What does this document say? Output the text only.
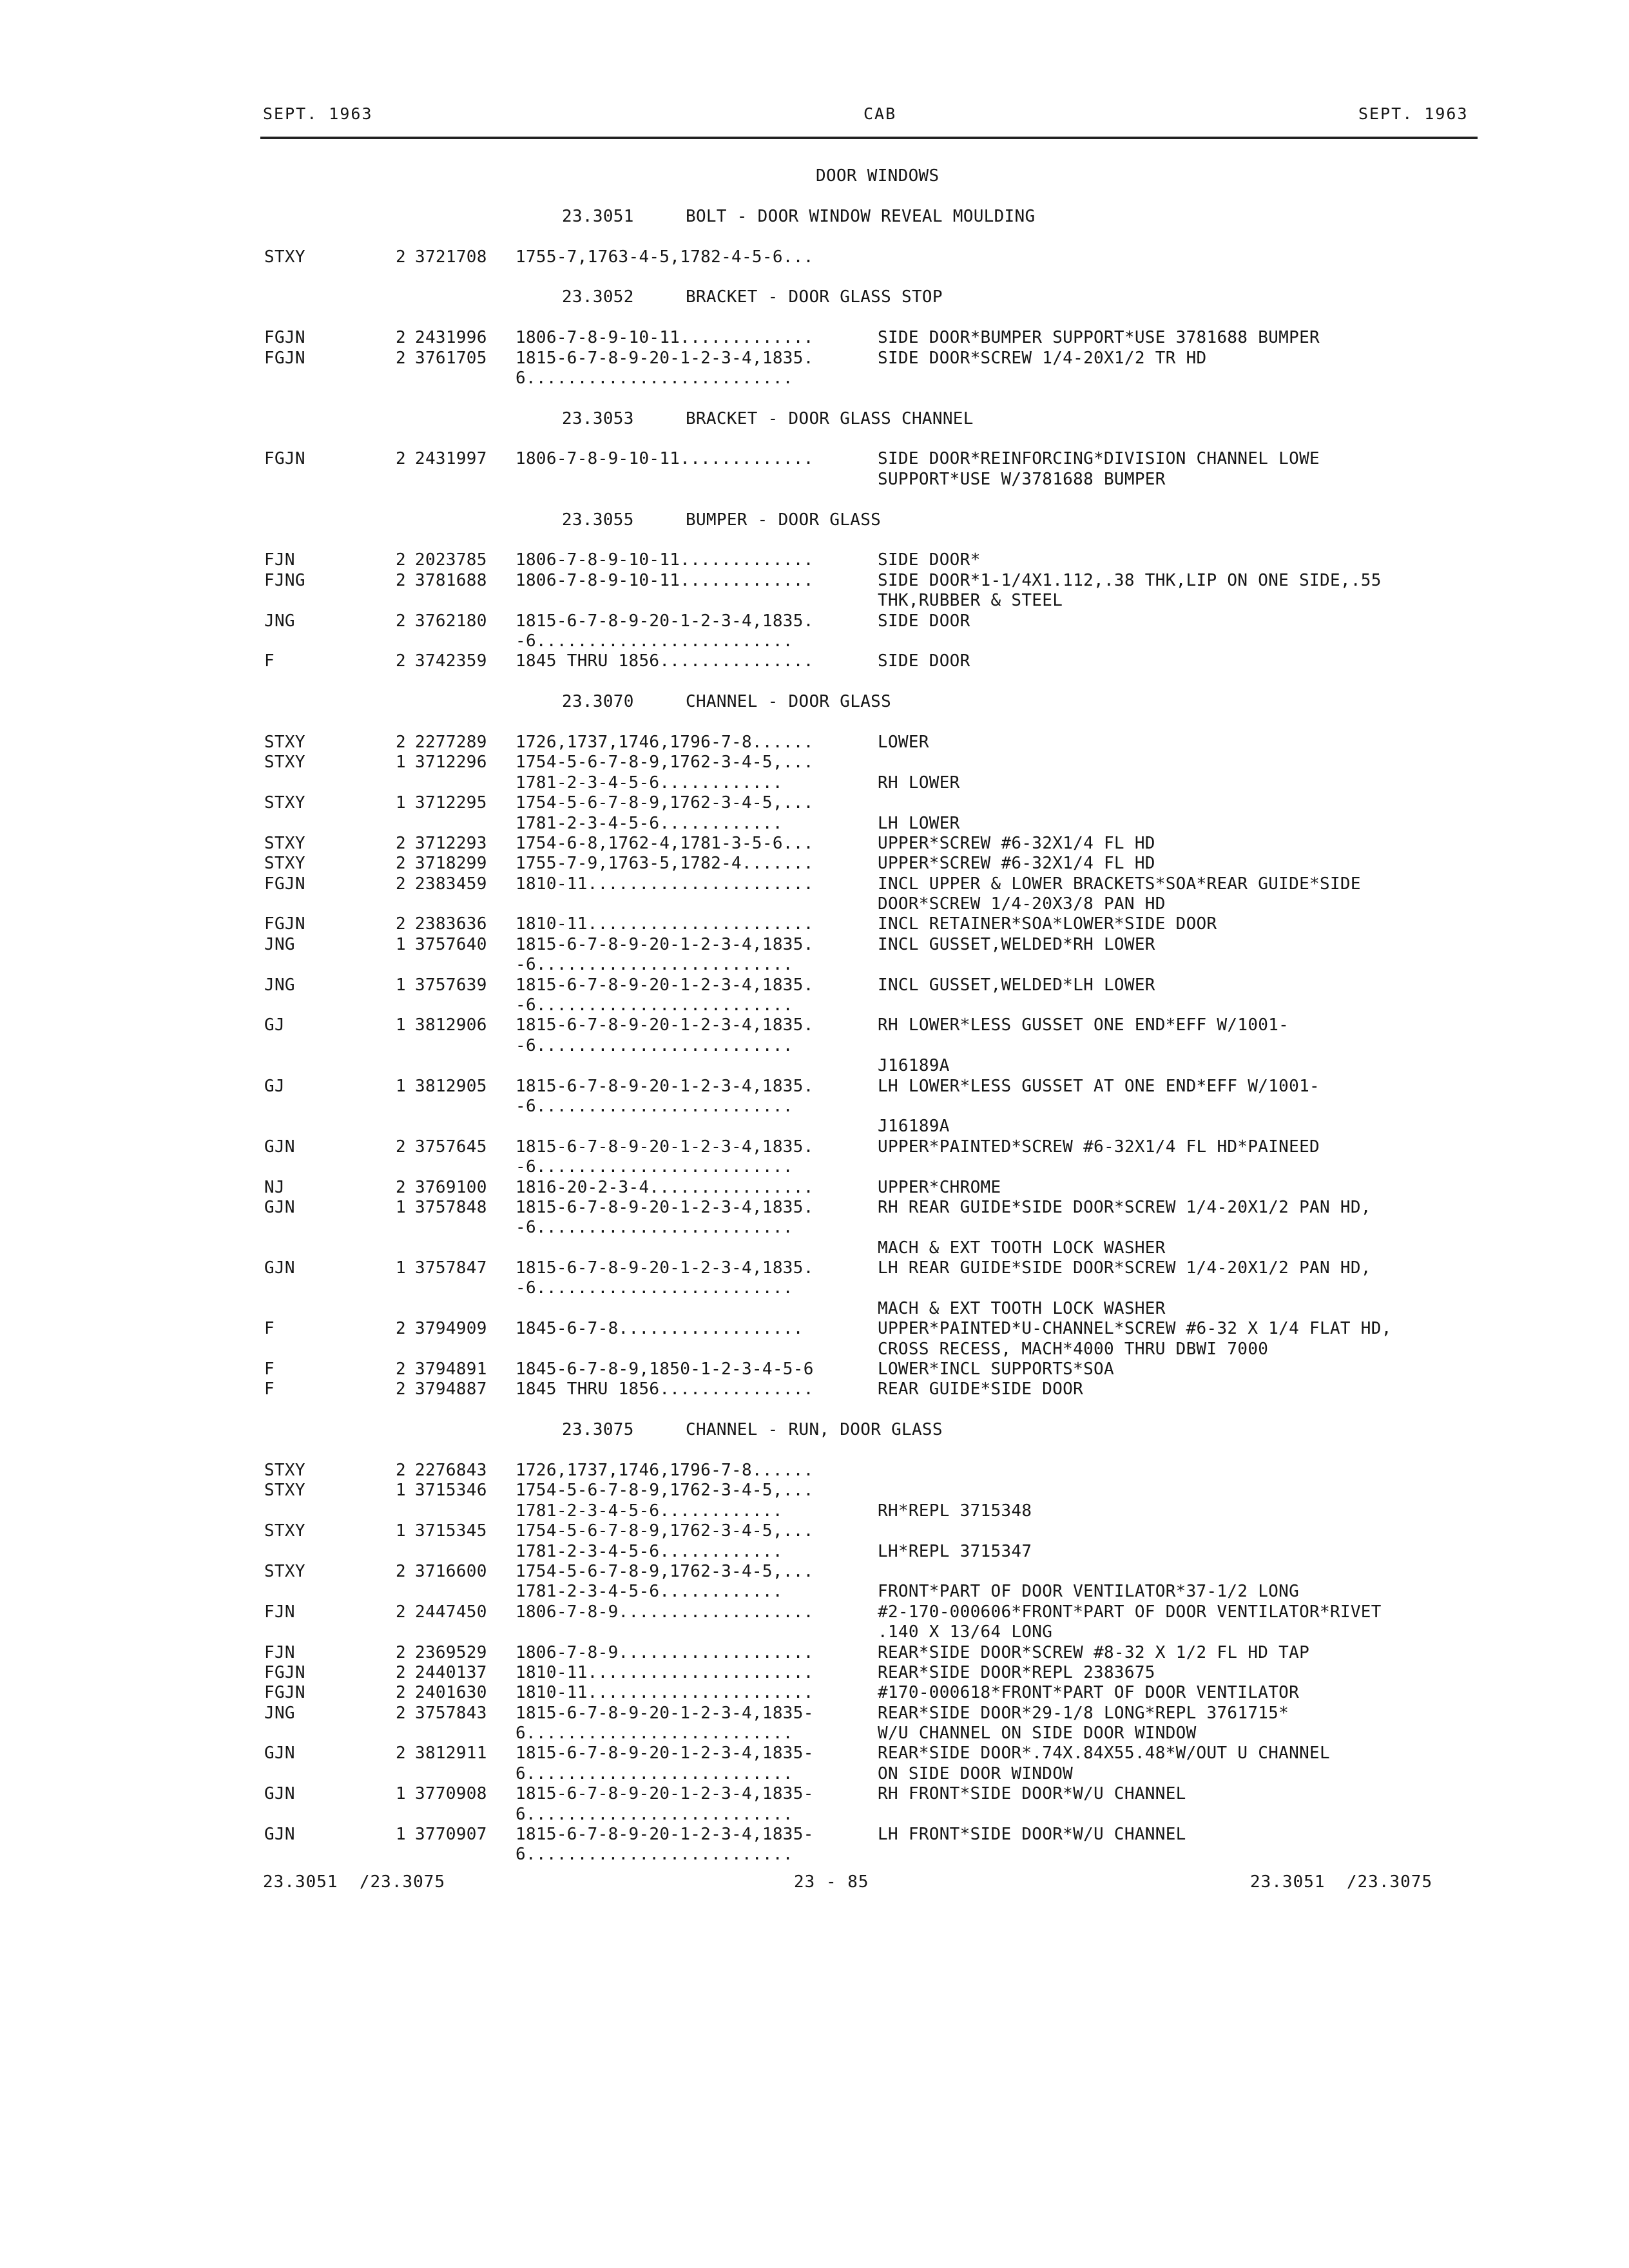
SEPT. 1963	CAB	SEPT. 1963
DOOR WINDOWS
23.3051	BOLT - DOOR WINDOW REVEAL MOULDING
STXY	2 3721708 1755-7,1763-4-5,1782-4-5-6...
23.3052	BRACKET - DOOR GLASS STOP
FGJN	2 2431996 1806-7-8-9-10-11.............	SIDE DOOR*BUMPER SUPPORT*USE 3781688 BUMPER
FGJN	2 3761705 1815-6-7-8-9-20-1-2-3-4,1835.	SIDE DOOR*SCREW 1/4-20X1/2 TR HD
6..........................
23.3053	BRACKET - DOOR GLASS CHANNEL
FGJN	2 2431997 1806-7-8-9-10-11.............	SIDE DOOR*REINFORCING*DIVISION CHANNEL LOWE
SUPPORT*USE W/3781688 BUMPER
23.3055	BUMPER - DOOR GLASS
FJN	2 2023785 1806-7-8-9-10-11.............	SIDE DOOR*
FJNG	2 3781688 1806-7-8-9-10-11.............	SIDE DOOR*1-1/4X1.112,.38 THK,LIP ON ONE SIDE,.55
THK,RUBBER & STEEL
JNG	2 3762180 1815-6-7-8-9-20-1-2-3-4,1835.	SIDE DOOR
-6.........................
F	2 3742359 1845 THRU 1856...............	SIDE DOOR
23.3070	CHANNEL - DOOR GLASS
STXY	2 2277289 1726,1737,1746,1796-7-8......	LOWER
STXY	1 3712296 1754-5-6-7-8-9,1762-3-4-5,...
1781-2-3-4-5-6............	RH LOWER
STXY	1 3712295 1754-5-6-7-8-9,1762-3-4-5,...
1781-2-3-4-5-6............	LH LOWER
STXY	2 3712293 1754-6-8,1762-4,1781-3-5-6...	UPPER*SCREW #6-32X1/4 FL HD
STXY	2 3718299 1755-7-9,1763-5,1782-4.......	UPPER*SCREW #6-32X1/4 FL HD
FGJN	2 2383459 1810-11......................	INCL UPPER & LOWER BRACKETS*SOA*REAR GUIDE*SIDE
DOOR*SCREW 1/4-20X3/8 PAN HD
FGJN	2 2383636 1810-11......................	INCL RETAINER*SOA*LOWER*SIDE DOOR
JNG	1 3757640 1815-6-7-8-9-20-1-2-3-4,1835.	INCL GUSSET,WELDED*RH LOWER
-6.........................
JNG	1 3757639 1815-6-7-8-9-20-1-2-3-4,1835.	INCL GUSSET,WELDED*LH LOWER
-6.........................
GJ	1 3812906 1815-6-7-8-9-20-1-2-3-4,1835.	RH LOWER*LESS GUSSET ONE END*EFF W/1001-
-6.........................
J16189A
GJ	1 3812905 1815-6-7-8-9-20-1-2-3-4,1835.	LH LOWER*LESS GUSSET AT ONE END*EFF W/1001-
-6.........................
J16189A
GJN	2 3757645 1815-6-7-8-9-20-1-2-3-4,1835.	UPPER*PAINTED*SCREW #6-32X1/4 FL HD*PAINEED
-6.........................
NJ	2 3769100 1816-20-2-3-4................	UPPER*CHROME
GJN	1 3757848 1815-6-7-8-9-20-1-2-3-4,1835.	RH REAR GUIDE*SIDE DOOR*SCREW 1/4-20X1/2 PAN HD,
-6.........................
MACH & EXT TOOTH LOCK WASHER
GJN	1 3757847 1815-6-7-8-9-20-1-2-3-4,1835.	LH REAR GUIDE*SIDE DOOR*SCREW 1/4-20X1/2 PAN HD,
-6.........................
MACH & EXT TOOTH LOCK WASHER
F	2 3794909 1845-6-7-8..................	UPPER*PAINTED*U-CHANNEL*SCREW #6-32 X 1/4 FLAT HD,
CROSS RECESS, MACH*4000 THRU DBWI 7000
F	2 3794891 1845-6-7-8-9,1850-1-2-3-4-5-6	LOWER*INCL SUPPORTS*SOA
F	2 3794887 1845 THRU 1856...............	REAR GUIDE*SIDE DOOR
23.3075	CHANNEL - RUN, DOOR GLASS
STXY	2 2276843 1726,1737,1746,1796-7-8......
STXY	1 3715346 1754-5-6-7-8-9,1762-3-4-5,...
1781-2-3-4-5-6............	RH*REPL 3715348
STXY	1 3715345 1754-5-6-7-8-9,1762-3-4-5,...
1781-2-3-4-5-6............	LH*REPL 3715347
STXY	2 3716600 1754-5-6-7-8-9,1762-3-4-5,...
1781-2-3-4-5-6............	FRONT*PART OF DOOR VENTILATOR*37-1/2 LONG
FJN	2 2447450 1806-7-8-9...................	#2-170-000606*FRONT*PART OF DOOR VENTILATOR*RIVET
.140 X 13/64 LONG
FJN	2 2369529 1806-7-8-9...................	REAR*SIDE DOOR*SCREW #8-32 X 1/2 FL HD TAP
FGJN	2 2440137 1810-11......................	REAR*SIDE DOOR*REPL 2383675
FGJN	2 2401630 1810-11......................	#170-000618*FRONT*PART OF DOOR VENTILATOR
JNG	2 3757843 1815-6-7-8-9-20-1-2-3-4,1835-	REAR*SIDE DOOR*29-1/8 LONG*REPL 3761715*
6..........................	W/U CHANNEL ON SIDE DOOR WINDOW
GJN	2 3812911 1815-6-7-8-9-20-1-2-3-4,1835-	REAR*SIDE DOOR*.74X.84X55.48*W/OUT U CHANNEL
6..........................	ON SIDE DOOR WINDOW
GJN	1 3770908 1815-6-7-8-9-20-1-2-3-4,1835-	RH FRONT*SIDE DOOR*W/U CHANNEL
6..........................
GJN	1 3770907 1815-6-7-8-9-20-1-2-3-4,1835-	LH FRONT*SIDE DOOR*W/U CHANNEL
6..........................
23.3051  /23.3075	23 - 85	23.3051  /23.3075
